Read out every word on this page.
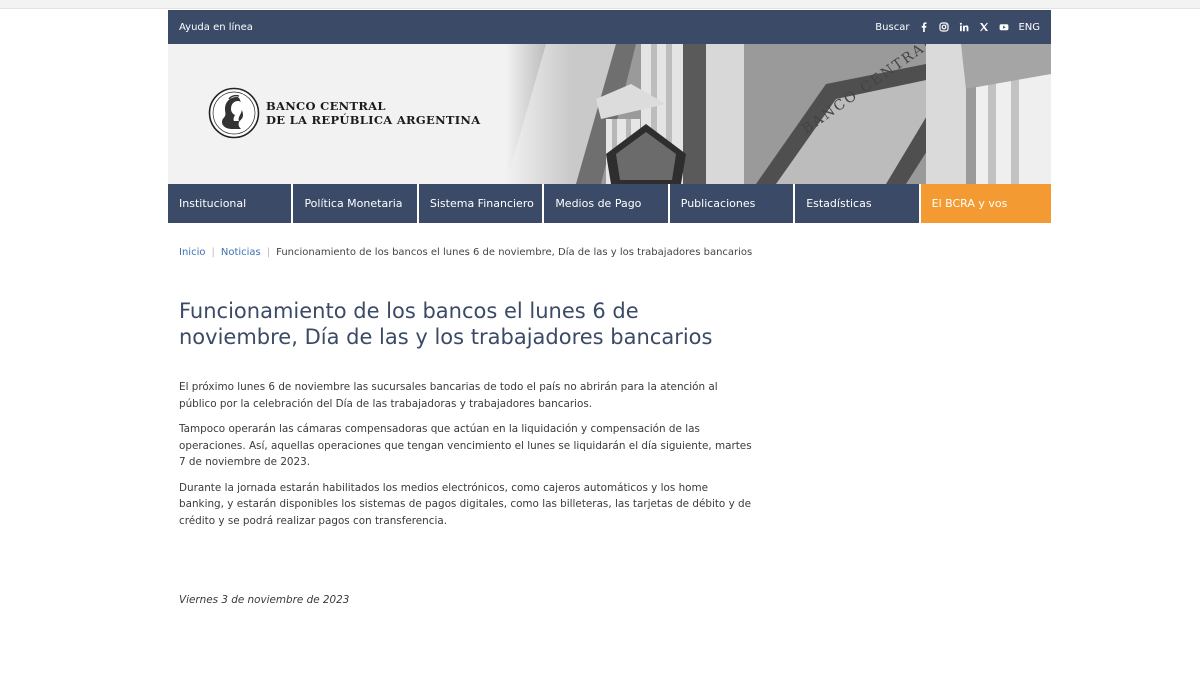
Ayuda en línea	Buscar	ENG
BANCO CENTRAL
DE LA REPÚBLICA ARGENTINA
Institucional	Política Monetaria	Sistema Financiero	Medios de Pago	Publicaciones	Estadísticas	El BCRA y vos
Inicio | Noticias | Funcionamiento de los bancos el lunes 6 de noviembre, Día de las y los trabajadores bancarios
Funcionamiento de los bancos el lunes 6 de noviembre, Día de las y los trabajadores bancarios

El próximo lunes 6 de noviembre las sucursales bancarias de todo el país no abrirán para la atención al público por la celebración del Día de las trabajadoras y trabajadores bancarios.

Tampoco operarán las cámaras compensadoras que actúan en la liquidación y compensación de las operaciones. Así, aquellas operaciones que tengan vencimiento el lunes se liquidarán el día siguiente, martes 7 de noviembre de 2023.

Durante la jornada estarán habilitados los medios electrónicos, como cajeros automáticos y los home banking, y estarán disponibles los sistemas de pagos digitales, como las billeteras, las tarjetas de débito y de crédito y se podrá realizar pagos con transferencia.

Viernes 3 de noviembre de 2023
